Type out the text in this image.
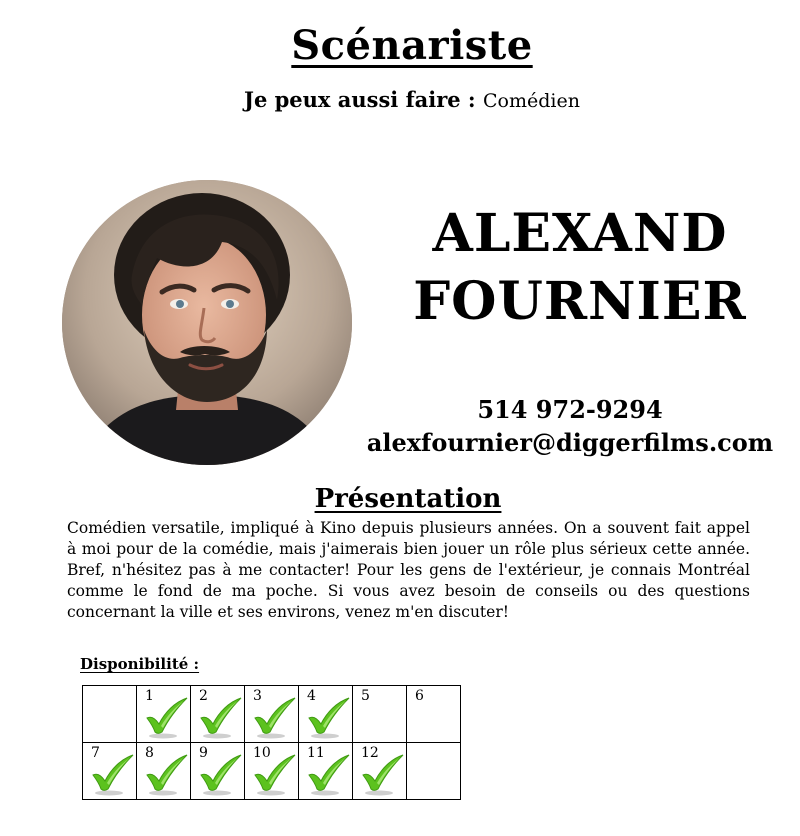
Scénariste
Je peux aussi faire : Comédien
ALEXAND
FOURNIER
514 972-9294
alexfournier@diggerfilms.com
Présentation
Comédien versatile, impliqué à Kino depuis plusieurs années. On a souvent fait appel à moi pour de la comédie, mais j'aimerais bien jouer un rôle plus sérieux cette année. Bref, n'hésitez pas à me contacter! Pour les gens de l'extérieur, je connais Montréal comme le fond de ma poche. Si vous avez besoin de conseils ou des questions concernant la ville et ses environs, venez m'en discuter!
Disponibilité :

	1	2	3	4	5	6

7	8	9	10	11	12	
